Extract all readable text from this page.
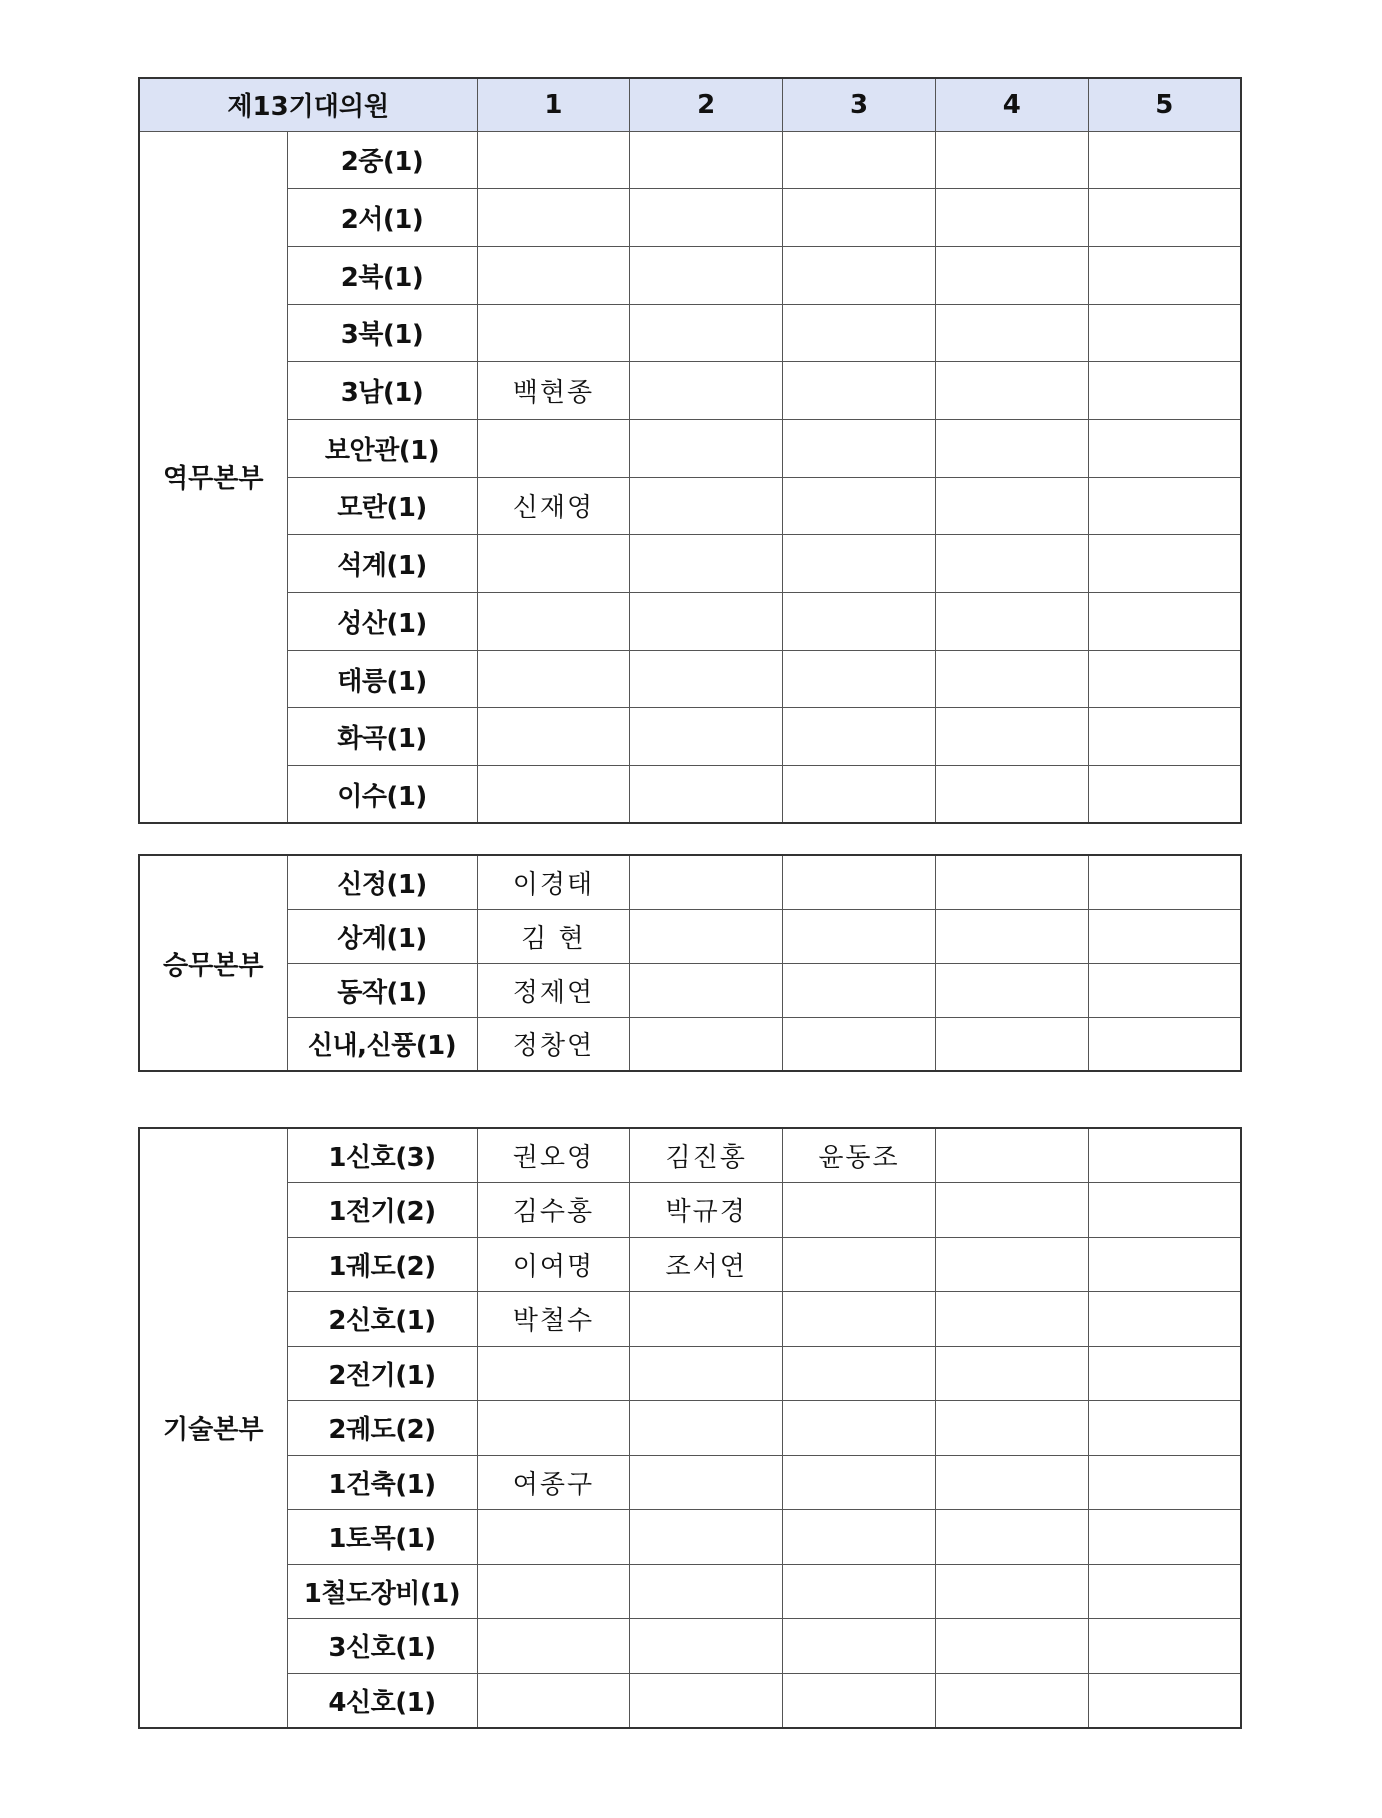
제13기대의원		1	2	3	4	5
역무본부	2중(1)					
	2서(1)					
	2북(1)					
	3북(1)					
	3남(1)	백현종				
	보안관(1)					
	모란(1)	신재영				
	석계(1)					
	성산(1)					
	태릉(1)					
	화곡(1)					
	이수(1)					
승무본부	신정(1)	이경태				
	상계(1)	김 현				
	동작(1)	정제연				
	신내,신풍(1)	정창연				
기술본부	1신호(3)	권오영	김진홍	윤동조		
	1전기(2)	김수홍	박규경			
	1궤도(2)	이여명	조서연			
	2신호(1)	박철수				
	2전기(1)					
	2궤도(2)					
	1건축(1)	여종구				
	1토목(1)					
	1철도장비(1)					
	3신호(1)					
	4신호(1)					
